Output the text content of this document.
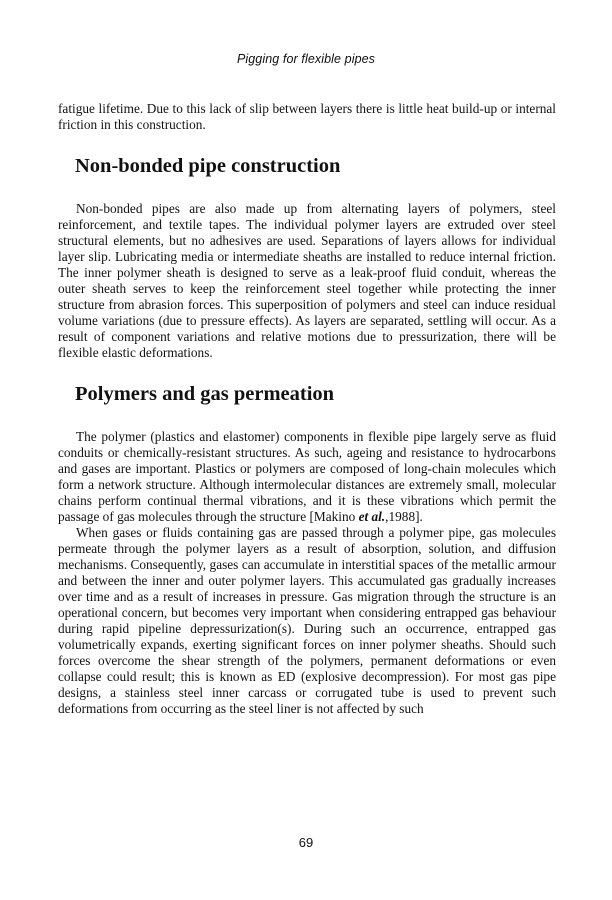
Pigging for flexible pipes

fatigue lifetime. Due to this lack of slip between layers there is little heat build-up or internal friction in this construction.

Non-bonded pipe construction

Non-bonded pipes are also made up from alternating layers of polymers, steel reinforcement, and textile tapes. The individual polymer layers are extruded over steel structural elements, but no adhesives are used. Separations of layers allows for individual layer slip. Lubricating media or intermediate sheaths are installed to reduce internal friction. The inner polymer sheath is designed to serve as a leak-proof fluid conduit, whereas the outer sheath serves to keep the reinforcement steel together while protecting the inner structure from abrasion forces. This superposition of polymers and steel can induce residual volume variations (due to pressure effects). As layers are separated, settling will occur. As a result of component variations and relative motions due to pressurization, there will be flexible elastic deformations.

Polymers and gas permeation

The polymer (plastics and elastomer) components in flexible pipe largely serve as fluid conduits or chemically-resistant structures. As such, ageing and resistance to hydrocarbons and gases are important. Plastics or polymers are composed of long-chain molecules which form a network structure. Although intermolecular distances are extremely small, molecular chains perform continual thermal vibrations, and it is these vibrations which permit the passage of gas molecules through the structure [Makino et al.,1988].

When gases or fluids containing gas are passed through a polymer pipe, gas molecules permeate through the polymer layers as a result of absorption, solution, and diffusion mechanisms. Consequently, gases can accumulate in interstitial spaces of the metallic armour and between the inner and outer polymer layers. This accumulated gas gradually increases over time and as a result of increases in pressure. Gas migration through the structure is an operational concern, but becomes very important when considering entrapped gas behaviour during rapid pipeline depressurization(s). During such an occurrence, entrapped gas volumetrically expands, exerting significant forces on inner polymer sheaths. Should such forces overcome the shear strength of the polymers, permanent deformations or even collapse could result; this is known as ED (explosive decompression). For most gas pipe designs, a stainless steel inner carcass or corrugated tube is used to prevent such deformations from occurring as the steel liner is not affected by such

69
